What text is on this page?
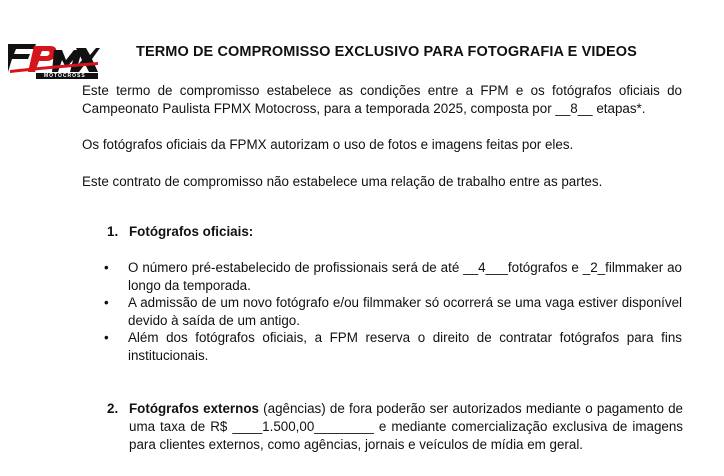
MOTOCROSS
TERMO DE COMPROMISSO EXCLUSIVO PARA FOTOGRAFIA E VIDEOS

Este termo de compromisso estabelece as condições entre a FPM e os fotógrafos oficiais do Campeonato Paulista FPMX Motocross, para a temporada 2025, composta por __8__ etapas*.

Os fotógrafos oficiais da FPMX autorizam o uso de fotos e imagens feitas por eles.

Este contrato de compromisso não estabelece uma relação de trabalho entre as partes.

1. Fotógrafos oficiais:

• O número pré-estabelecido de profissionais será de até __4___fotógrafos e _2_filmmaker ao longo da temporada.
• A admissão de um novo fotógrafo e/ou filmmaker só ocorrerá se uma vaga estiver disponível devido à saída de um antigo.
• Além dos fotógrafos oficiais, a FPM reserva o direito de contratar fotógrafos para fins institucionais.
2. Fotógrafos externos (agências) de fora poderão ser autorizados mediante o pagamento de uma taxa de R$ ____1.500,00________ e mediante comercialização exclusiva de imagens para clientes externos, como agências, jornais e veículos de mídia em geral.
